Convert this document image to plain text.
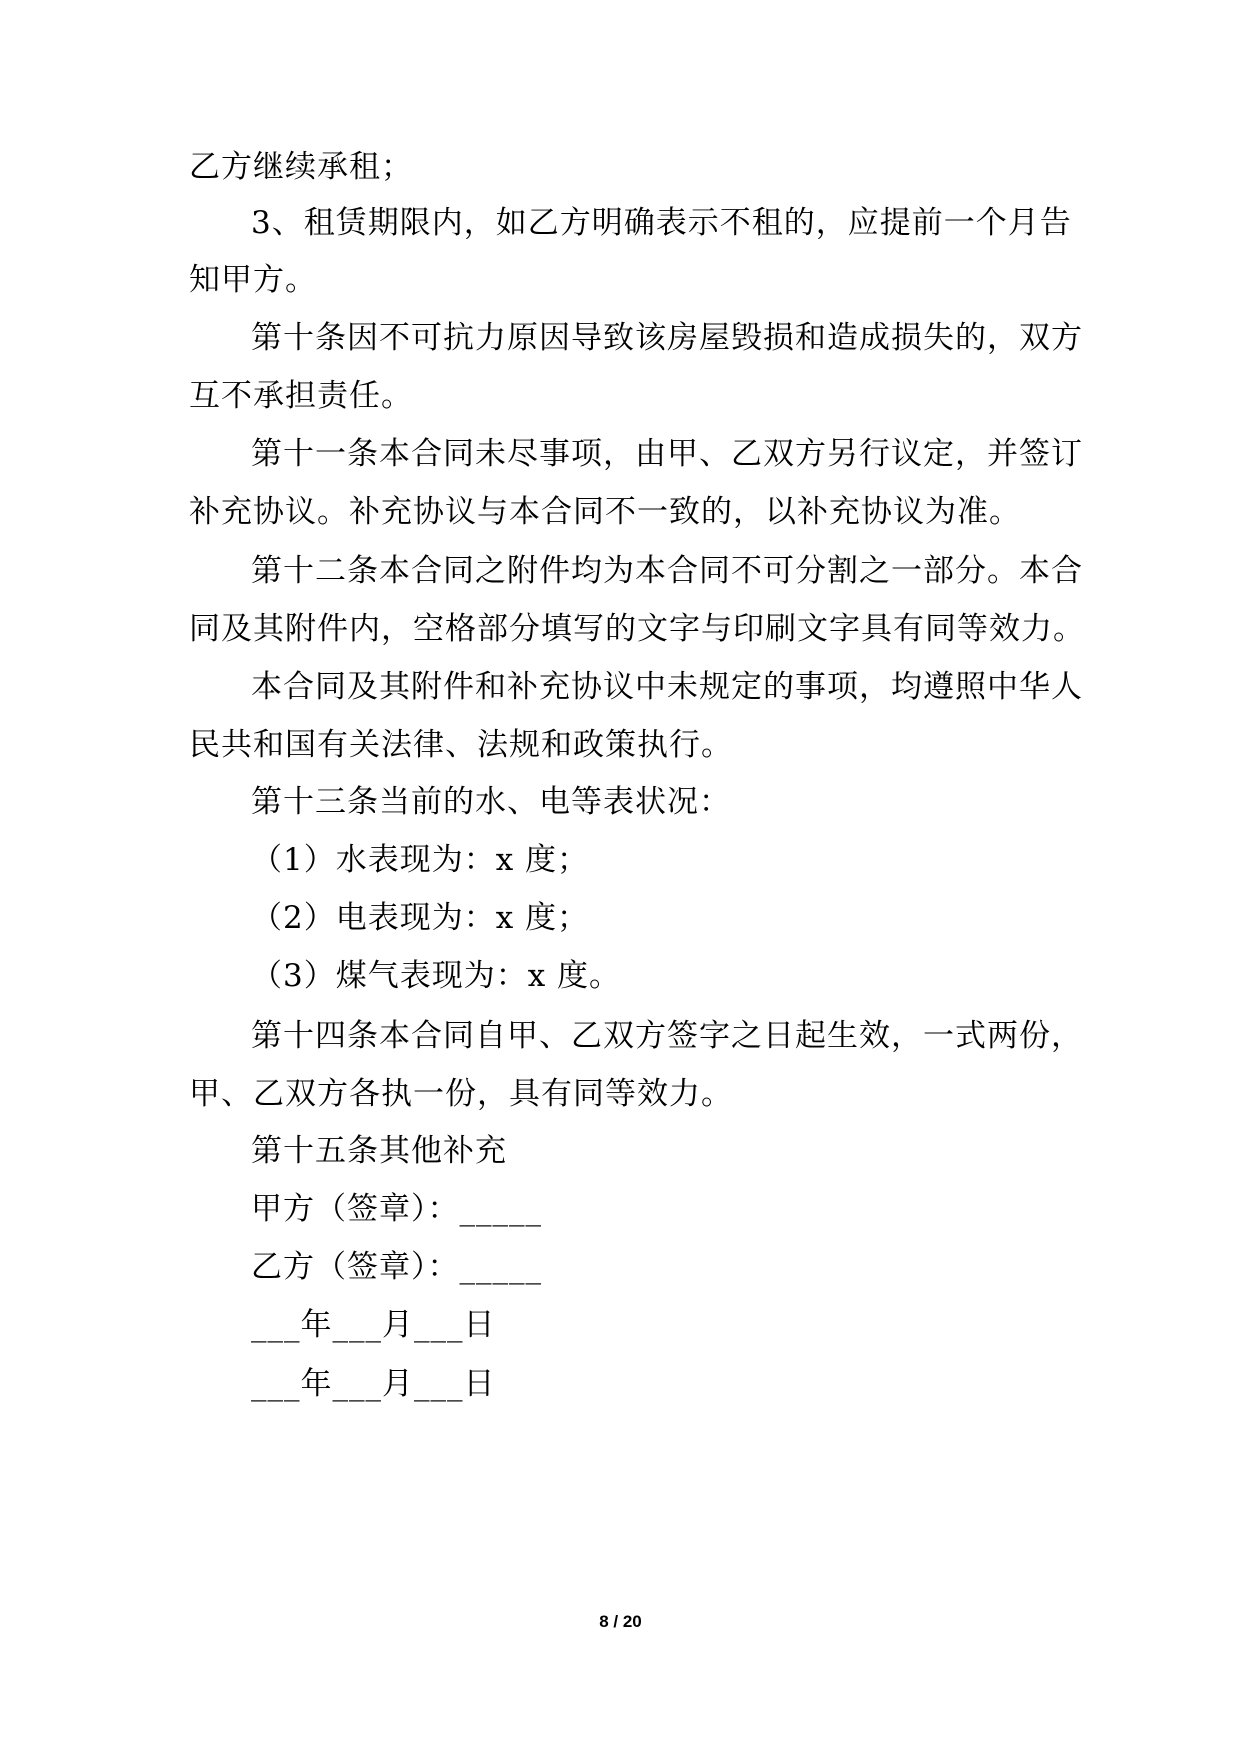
乙方继续承租；
3、租赁期限内，如乙方明确表示不租的，应提前一个月告
知甲方。
第十条因不可抗力原因导致该房屋毁损和造成损失的，双方
互不承担责任。
第十一条本合同未尽事项，由甲、乙双方另行议定，并签订
补充协议。补充协议与本合同不一致的，以补充协议为准。
第十二条本合同之附件均为本合同不可分割之一部分。本合
同及其附件内，空格部分填写的文字与印刷文字具有同等效力。
本合同及其附件和补充协议中未规定的事项，均遵照中华人
民共和国有关法律、法规和政策执行。
第十三条当前的水、电等表状况：
（1）水表现为：x 度；
（2）电表现为：x 度；
（3）煤气表现为：x 度。
第十四条本合同自甲、乙双方签字之日起生效，一式两份，
甲、乙双方各执一份，具有同等效力。
第十五条其他补充
甲方（签章）：_____
乙方（签章）：_____
___年___月___日
___年___月___日
8 / 20
